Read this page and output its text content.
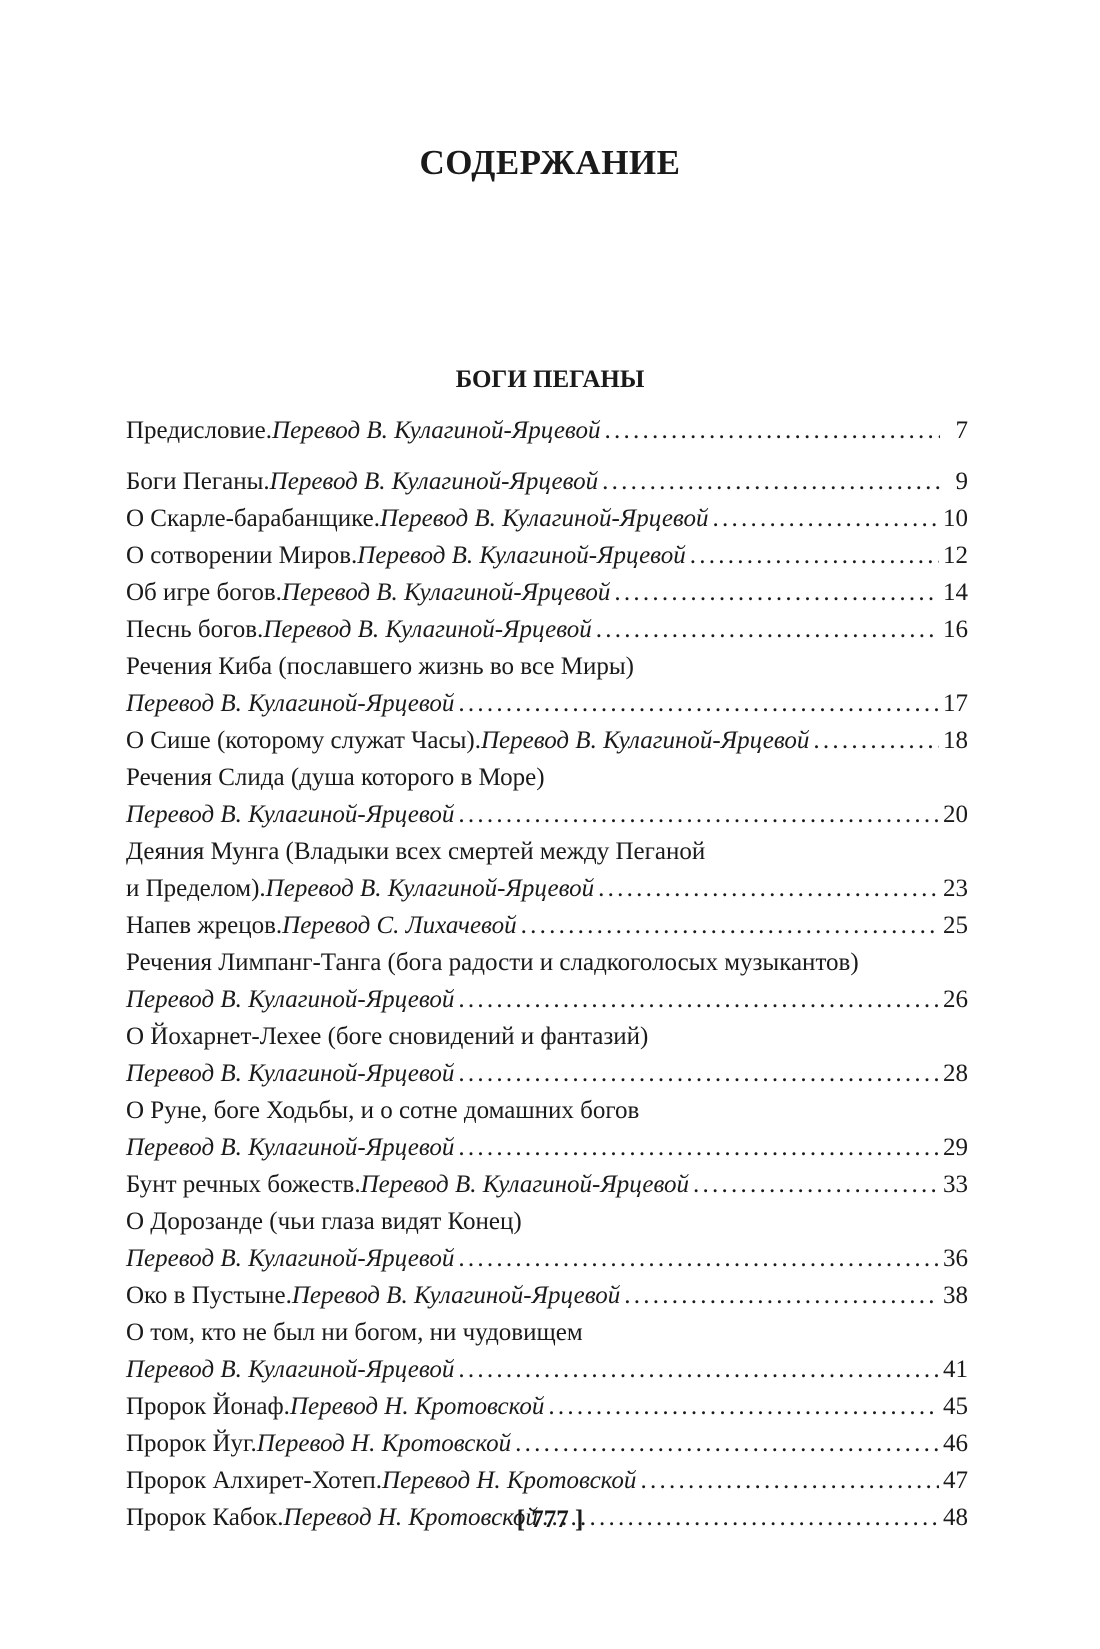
СОДЕРЖАНИЕ
БОГИ ПЕГАНЫ
Предисловие. Перевод В. Кулагиной-Ярцевой . . .	7
Боги Пеганы. Перевод В. Кулагиной-Ярцевой . . .	9
О Скарле-барабанщике. Перевод В. Кулагиной-Ярцевой . . .	10
О сотворении Миров. Перевод В. Кулагиной-Ярцевой . . .	12
Об игре богов. Перевод В. Кулагиной-Ярцевой . . .	14
Песнь богов. Перевод В. Кулагиной-Ярцевой . . .	16
Речения Киба (пославшего жизнь во все Миры)
Перевод В. Кулагиной-Ярцевой . . .	17
О Сише (которому служат Часы). Перевод В. Кулагиной-Ярцевой . . .	18
Речения Слида (душа которого в Море)
Перевод В. Кулагиной-Ярцевой . . .	20
Деяния Мунга (Владыки всех смертей между Пеганой
и Пределом). Перевод В. Кулагиной-Ярцевой . . .	23
Напев жрецов. Перевод С. Лихачевой . . .	25
Речения Лимпанг-Танга (бога радости и сладкоголосых музыкантов)
Перевод В. Кулагиной-Ярцевой . . .	26
О Йохарнет-Лехее (боге сновидений и фантазий)
Перевод В. Кулагиной-Ярцевой . . .	28
О Руне, боге Ходьбы, и о сотне домашних богов
Перевод В. Кулагиной-Ярцевой . . .	29
Бунт речных божеств. Перевод В. Кулагиной-Ярцевой . . .	33
О Дорозанде (чьи глаза видят Конец)
Перевод В. Кулагиной-Ярцевой . . .	36
Око в Пустыне. Перевод В. Кулагиной-Ярцевой . . .	38
О том, кто не был ни богом, ни чудовищем
Перевод В. Кулагиной-Ярцевой . . .	41
Пророк Йонаф. Перевод Н. Кротовской . . .	45
Пророк Йуг. Перевод Н. Кротовской . . .	46
Пророк Алхирет-Хотеп. Перевод Н. Кротовской . . .	47
Пророк Кабок. Перевод Н. Кротовской . . .	48
[ 777 ]
